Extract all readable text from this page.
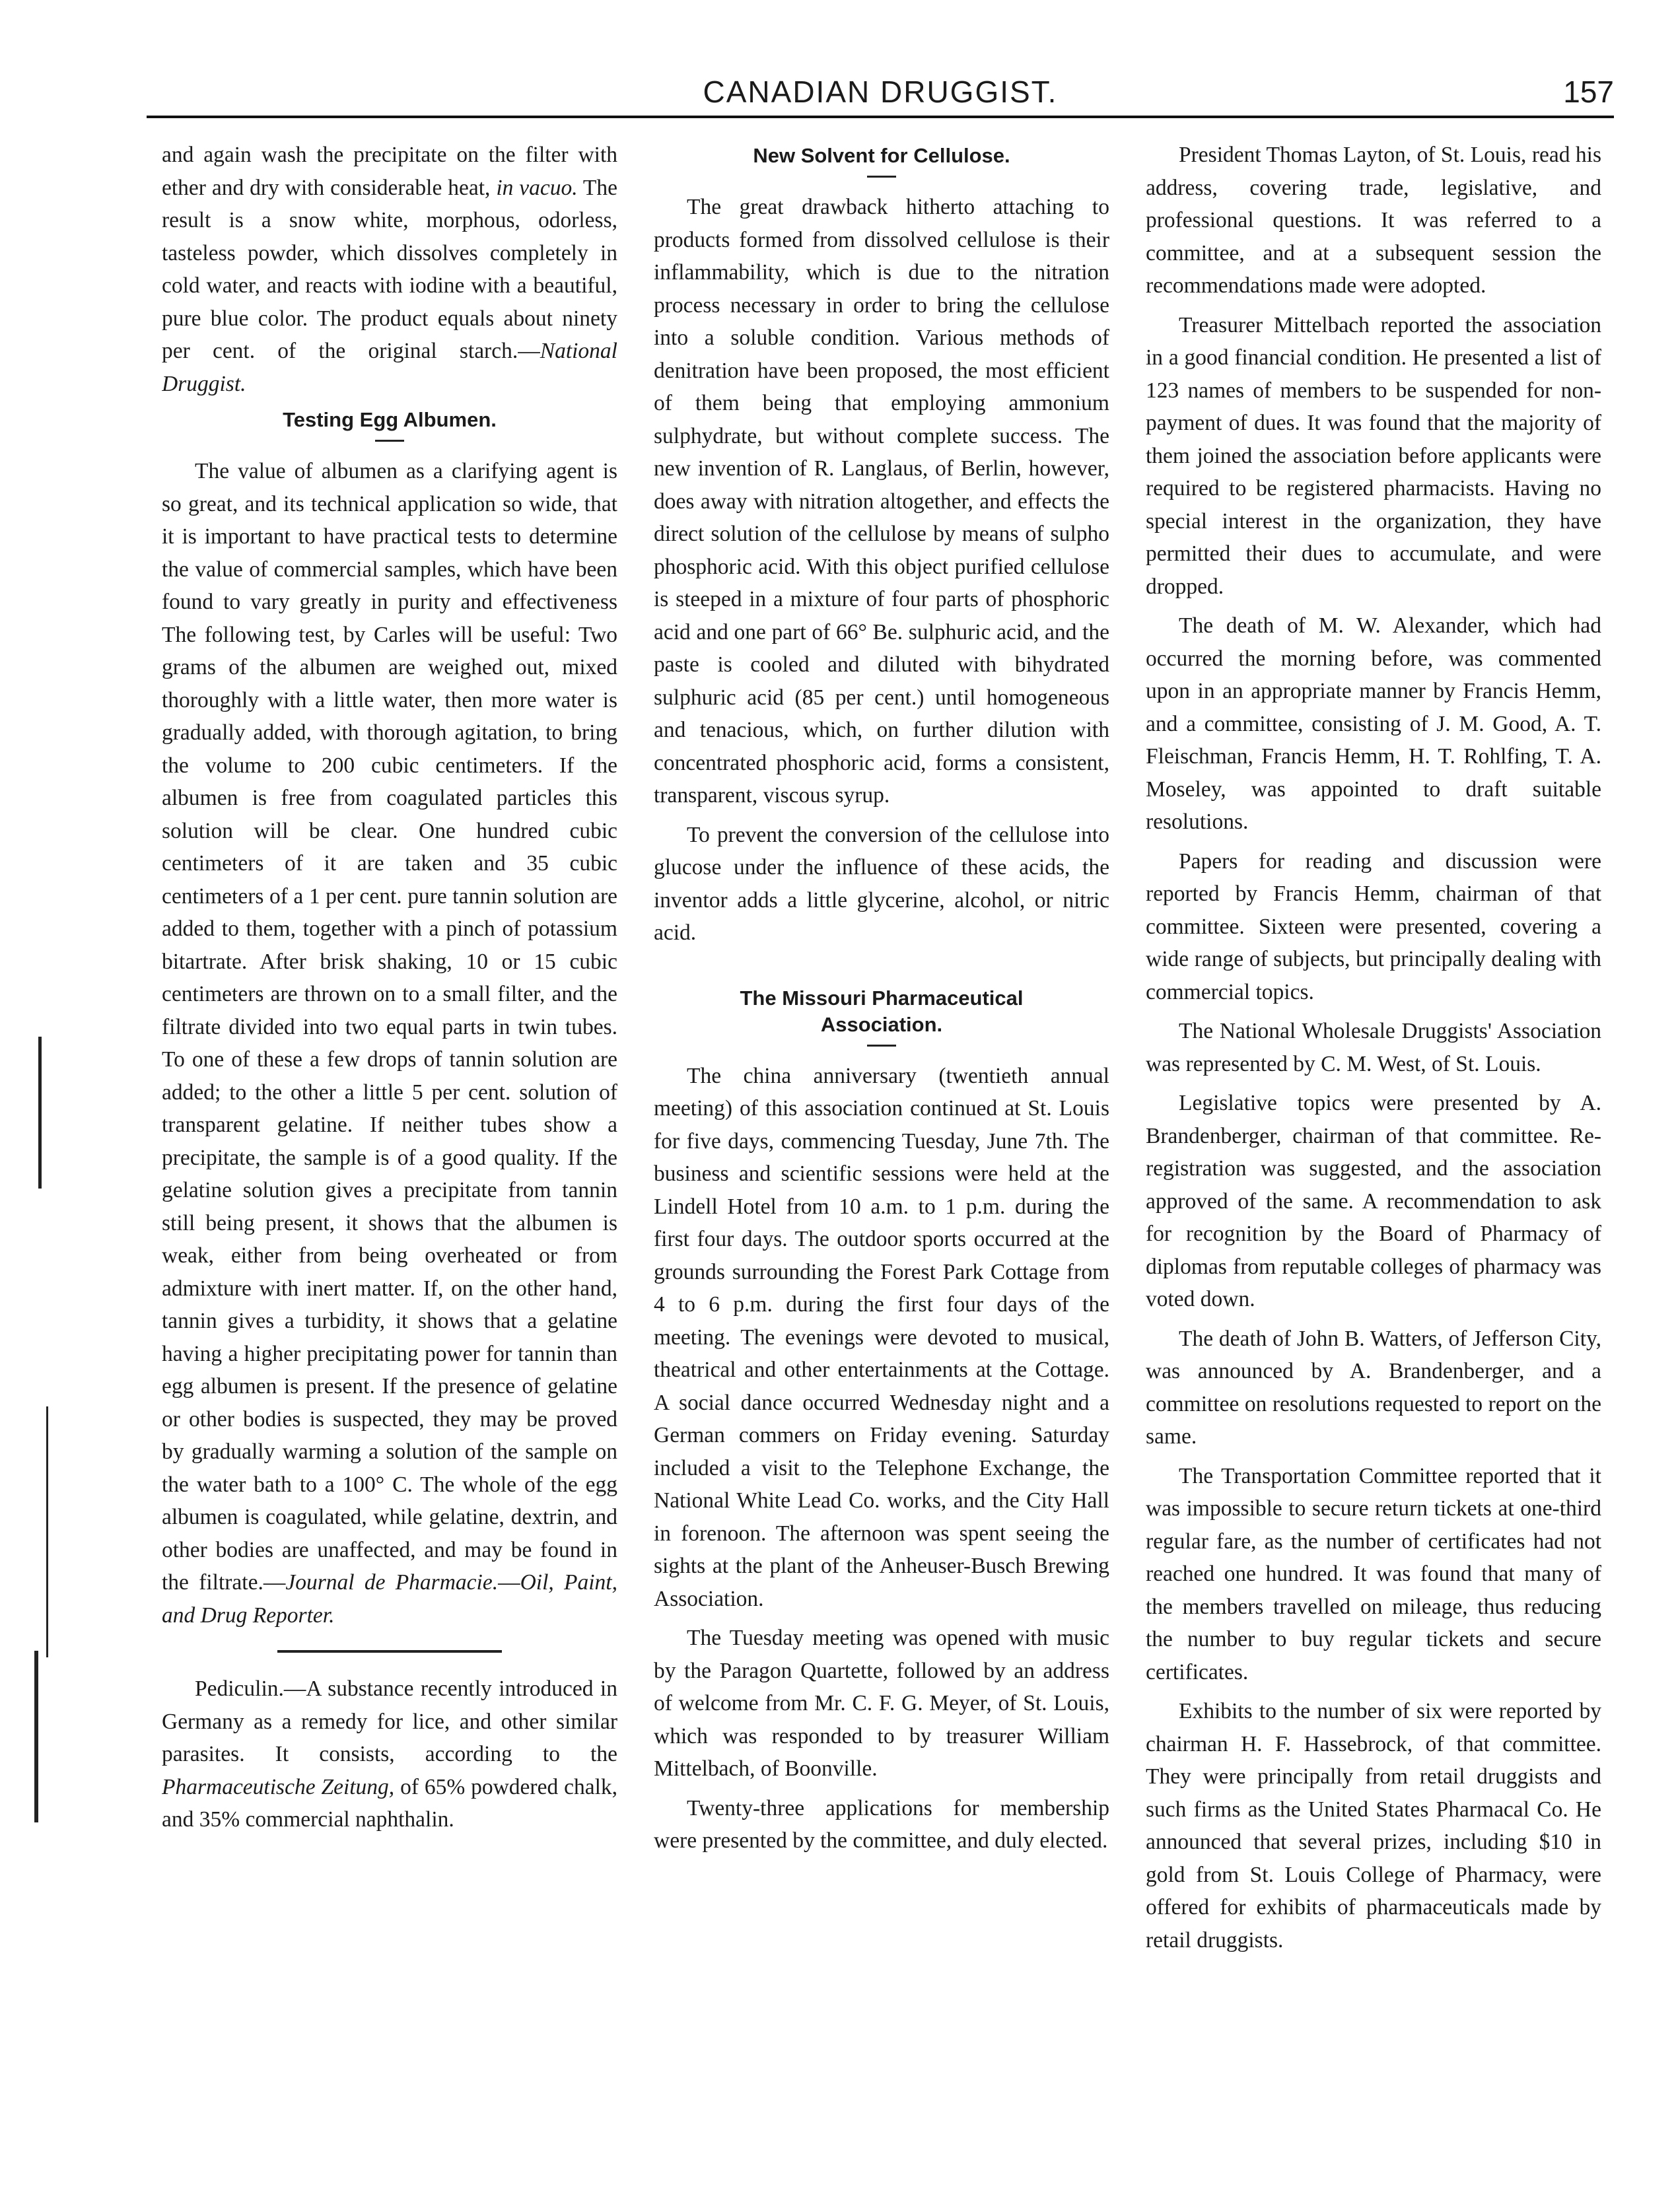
CANADIAN DRUGGIST.	157

and again wash the precipitate on the filter with ether and dry with considerable heat, in vacuo. The result is a snow white, morphous, odorless, tasteless powder, which dissolves completely in cold water, and reacts with iodine with a beautiful, pure blue color. The product equals about ninety per cent. of the original starch.—National Druggist.

Testing Egg Albumen.

The value of albumen as a clarifying agent is so great, and its technical application so wide, that it is important to have practical tests to determine the value of commercial samples, which have been found to vary greatly in purity and effectiveness The following test, by Carles will be useful: Two grams of the albumen are weighed out, mixed thoroughly with a little water, then more water is gradually added, with thorough agitation, to bring the volume to 200 cubic centimeters. If the albumen is free from coagulated particles this solution will be clear. One hundred cubic centimeters of it are taken and 35 cubic centimeters of a 1 per cent. pure tannin solution are added to them, together with a pinch of potassium bitartrate. After brisk shaking, 10 or 15 cubic centimeters are thrown on to a small filter, and the filtrate divided into two equal parts in twin tubes. To one of these a few drops of tannin solution are added; to the other a little 5 per cent. solution of transparent gelatine. If neither tubes show a precipitate, the sample is of a good quality. If the gelatine solution gives a precipitate from tannin still being present, it shows that the albumen is weak, either from being overheated or from admixture with inert matter. If, on the other hand, tannin gives a turbidity, it shows that a gelatine having a higher precipitating power for tannin than egg albumen is present. If the presence of gelatine or other bodies is suspected, they may be proved by gradually warming a solution of the sample on the water bath to a 100° C. The whole of the egg albumen is coagulated, while gelatine, dextrin, and other bodies are unaffected, and may be found in the filtrate.—Journal de Pharmacie.—Oil, Paint, and Drug Reporter.

Pediculin.—A substance recently introduced in Germany as a remedy for lice, and other similar parasites. It consists, according to the Pharmaceutische Zeitung, of 65% powdered chalk, and 35% commercial naphthalin.

New Solvent for Cellulose.

The great drawback hitherto attaching to products formed from dissolved cellulose is their inflammability, which is due to the nitration process necessary in order to bring the cellulose into a soluble condition. Various methods of denitration have been proposed, the most efficient of them being that employing ammonium sulphydrate, but without complete success. The new invention of R. Langlaus, of Berlin, however, does away with nitration altogether, and effects the direct solution of the cellulose by means of sulpho phosphoric acid. With this object purified cellulose is steeped in a mixture of four parts of phosphoric acid and one part of 66° Be. sulphuric acid, and the paste is cooled and diluted with bihydrated sulphuric acid (85 per cent.) until homogeneous and tenacious, which, on further dilution with concentrated phosphoric acid, forms a consistent, transparent, viscous syrup.

To prevent the conversion of the cellulose into glucose under the influence of these acids, the inventor adds a little glycerine, alcohol, or nitric acid.

The Missouri Pharmaceutical
Association.

The china anniversary (twentieth annual meeting) of this association continued at St. Louis for five days, commencing Tuesday, June 7th. The business and scientific sessions were held at the Lindell Hotel from 10 a.m. to 1 p.m. during the first four days. The outdoor sports occurred at the grounds surrounding the Forest Park Cottage from 4 to 6 p.m. during the first four days of the meeting. The evenings were devoted to musical, theatrical and other entertainments at the Cottage. A social dance occurred Wednesday night and a German commers on Friday evening. Saturday included a visit to the Telephone Exchange, the National White Lead Co. works, and the City Hall in forenoon. The afternoon was spent seeing the sights at the plant of the Anheuser-Busch Brewing Association.

The Tuesday meeting was opened with music by the Paragon Quartette, followed by an address of welcome from Mr. C. F. G. Meyer, of St. Louis, which was responded to by treasurer William Mittelbach, of Boonville.

Twenty-three applications for membership were presented by the committee, and duly elected.

President Thomas Layton, of St. Louis, read his address, covering trade, legislative, and professional questions. It was referred to a committee, and at a subsequent session the recommendations made were adopted.

Treasurer Mittelbach reported the association in a good financial condition. He presented a list of 123 names of members to be suspended for non-payment of dues. It was found that the majority of them joined the association before applicants were required to be registered pharmacists. Having no special interest in the organization, they have permitted their dues to accumulate, and were dropped.

The death of M. W. Alexander, which had occurred the morning before, was commented upon in an appropriate manner by Francis Hemm, and a committee, consisting of J. M. Good, A. T. Fleischman, Francis Hemm, H. T. Rohlfing, T. A. Moseley, was appointed to draft suitable resolutions.

Papers for reading and discussion were reported by Francis Hemm, chairman of that committee. Sixteen were presented, covering a wide range of subjects, but principally dealing with commercial topics.

The National Wholesale Druggists' Association was represented by C. M. West, of St. Louis.

Legislative topics were presented by A. Brandenberger, chairman of that committee. Re-registration was suggested, and the association approved of the same. A recommendation to ask for recognition by the Board of Pharmacy of diplomas from reputable colleges of pharmacy was voted down.

The death of John B. Watters, of Jefferson City, was announced by A. Brandenberger, and a committee on resolutions requested to report on the same.

The Transportation Committee reported that it was impossible to secure return tickets at one-third regular fare, as the number of certificates had not reached one hundred. It was found that many of the members travelled on mileage, thus reducing the number to buy regular tickets and secure certificates.

Exhibits to the number of six were reported by chairman H. F. Hassebrock, of that committee. They were principally from retail druggists and such firms as the United States Pharmacal Co. He announced that several prizes, including $10 in gold from St. Louis College of Pharmacy, were offered for exhibits of pharmaceuticals made by retail druggists.
